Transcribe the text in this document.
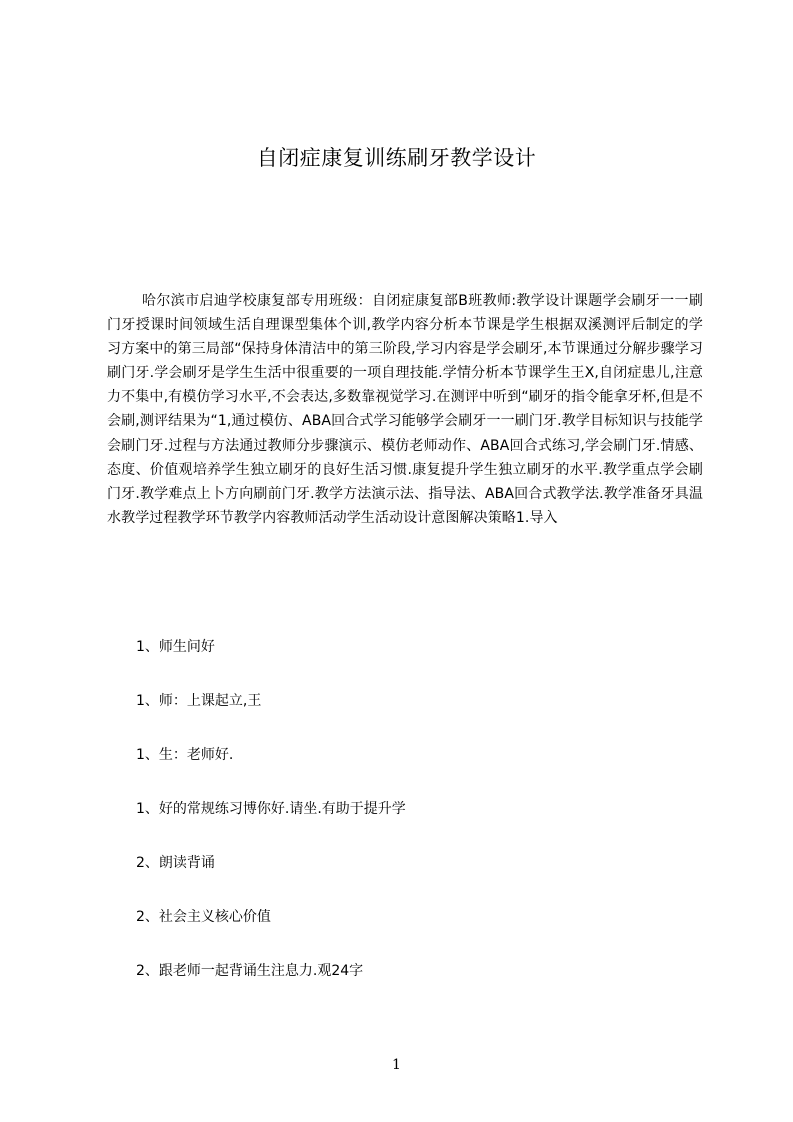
自闭症康复训练刷牙教学设计

哈尔滨市启迪学校康复部专用班级：自闭症康复部B班教师:教学设计课题学会刷牙一一刷门牙授课时间领域生活自理课型集体个训,教学内容分析本节课是学生根据双溪测评后制定的学习方案中的第三局部“保持身体清洁中的第三阶段,学习内容是学会刷牙,本节课通过分解步骤学习刷门牙.学会刷牙是学生生活中很重要的一项自理技能.学情分析本节课学生王X,自闭症患儿,注意力不集中,有模仿学习水平,不会表达,多数靠视觉学习.在测评中听到“刷牙的指令能拿牙杯,但是不会刷,测评结果为“1,通过模仿、ABA回合式学习能够学会刷牙一一刷门牙.教学目标知识与技能学会刷门牙.过程与方法通过教师分步骤演示、模仿老师动作、ABA回合式练习,学会刷门牙.情感、态度、价值观培养学生独立刷牙的良好生活习惯.康复提升学生独立刷牙的水平.教学重点学会刷门牙.教学难点上卜方向刷前门牙.教学方法演示法、指导法、ABA回合式教学法.教学准备牙具温水教学过程教学环节教学内容教师活动学生活动设计意图解决策略1.导入

1、师生问好
1、师：上课起立,王
1、生：老师好.
1、好的常规练习博你好.请坐.有助于提升学
2、朗读背诵
2、社会主义核心价值
2、跟老师一起背诵生注息力.观24字
1
